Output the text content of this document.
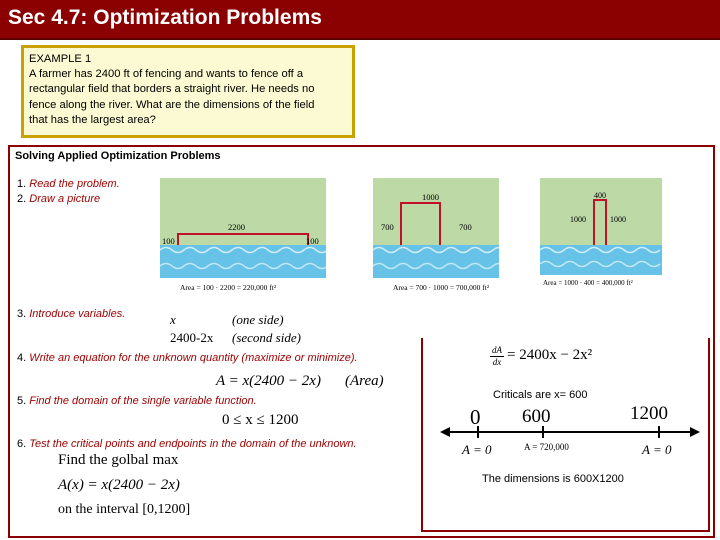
Sec 4.7: Optimization Problems
EXAMPLE 1
A farmer has 2400 ft of fencing and wants to fence off a
rectangular field that borders a straight river. He needs no
fence along the river. What are the dimensions of the field
that has the largest area?
Solving Applied Optimization Problems
1. Read the problem.
2. Draw a picture
2200
100	100
Area = 100 · 2200 = 220,000 ft²
1000
700	700
Area = 700 · 1000 = 700,000 ft²
400
1000	1000
Area = 1000 · 400 = 400,000 ft²
3. Introduce variables.	x	(one side)
2400-2x (second side)
4. Write an equation for the unknown quantity (maximize or minimize).
A = x(2400 − 2x) (Area)
dA
dx = 2400x − 2x²
Criticals are x= 600
5. Find the domain of the single variable function.
0 ≤ x ≤ 1200
6. Test the critical points and endpoints in the domain of the unknown.
Find the golbal max
A(x) = x(2400 − 2x)
on the interval [0,1200]
0 600	1200
A = 0	A = 720,000	A = 0
The dimensions is 600X1200
